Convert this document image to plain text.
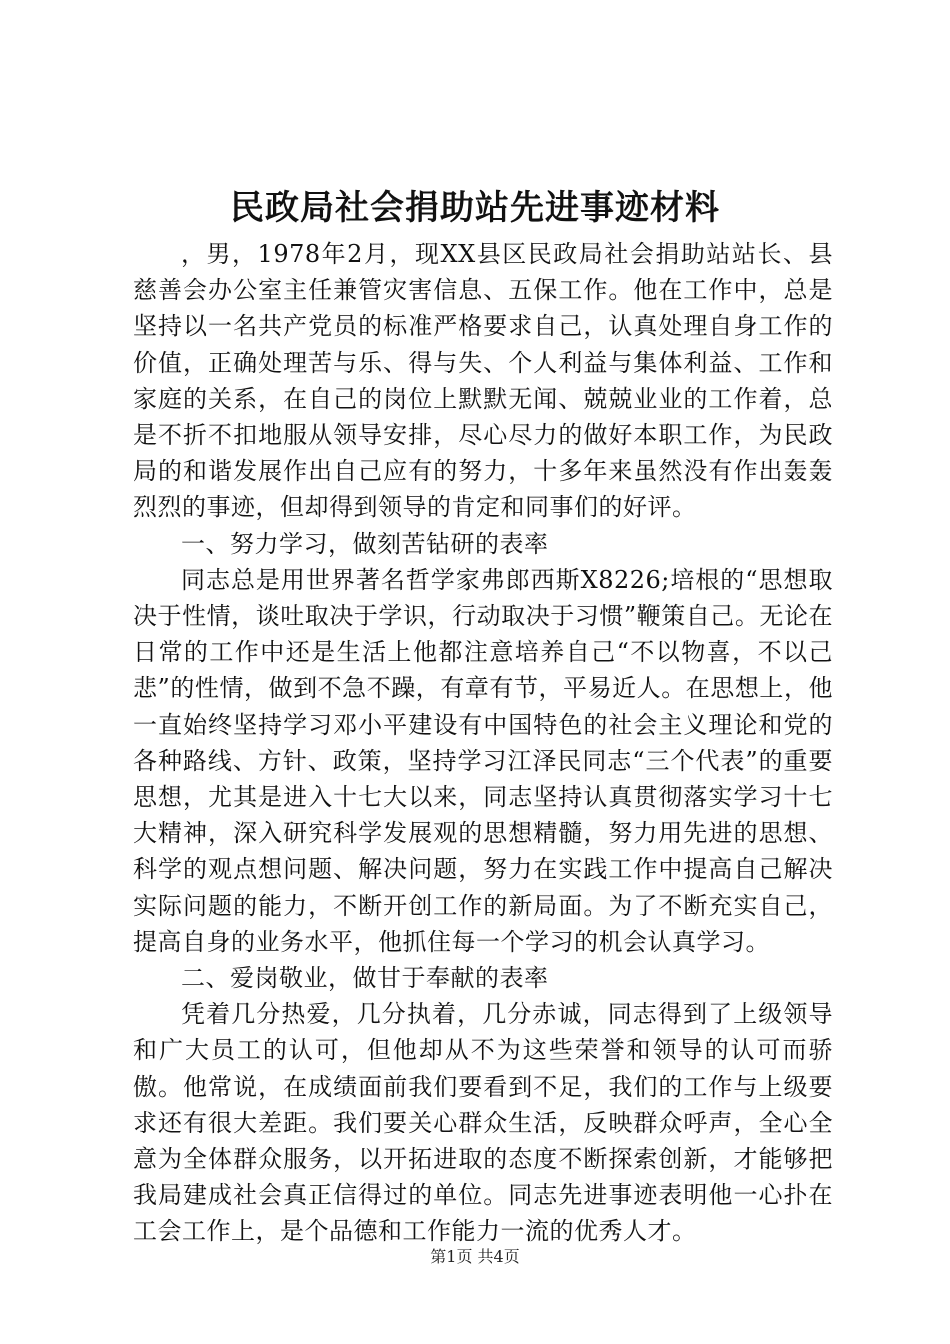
民政局社会捐助站先进事迹材料

，男，1978年2月，现XX县区民政局社会捐助站站长、县慈善会办公室主任兼管灾害信息、五保工作。他在工作中，总是坚持以一名共产党员的标准严格要求自己，认真处理自身工作的价值，正确处理苦与乐、得与失、个人利益与集体利益、工作和家庭的关系，在自己的岗位上默默无闻、兢兢业业的工作着，总是不折不扣地服从领导安排，尽心尽力的做好本职工作，为民政局的和谐发展作出自己应有的努力，十多年来虽然没有作出轰轰烈烈的事迹，但却得到领导的肯定和同事们的好评。

一、努力学习，做刻苦钻研的表率

同志总是用世界著名哲学家弗郎西斯X8226;培根的“思想取决于性情，谈吐取决于学识，行动取决于习惯”鞭策自己。无论在日常的工作中还是生活上他都注意培养自己“不以物喜，不以己悲”的性情，做到不急不躁，有章有节，平易近人。在思想上，他一直始终坚持学习邓小平建设有中国特色的社会主义理论和党的各种路线、方针、政策，坚持学习江泽民同志“三个代表”的重要思想，尤其是进入十七大以来，同志坚持认真贯彻落实学习十七大精神，深入研究科学发展观的思想精髓，努力用先进的思想、科学的观点想问题、解决问题，努力在实践工作中提高自己解决实际问题的能力，不断开创工作的新局面。为了不断充实自己，提高自身的业务水平，他抓住每一个学习的机会认真学习。

二、爱岗敬业，做甘于奉献的表率

凭着几分热爱，几分执着，几分赤诚，同志得到了上级领导和广大员工的认可，但他却从不为这些荣誉和领导的认可而骄傲。他常说，在成绩面前我们要看到不足，我们的工作与上级要求还有很大差距。我们要关心群众生活，反映群众呼声，全心全意为全体群众服务，以开拓进取的态度不断探索创新，才能够把我局建成社会真正信得过的单位。同志先进事迹表明他一心扑在工会工作上，是个品德和工作能力一流的优秀人才。

第1页 共4页
